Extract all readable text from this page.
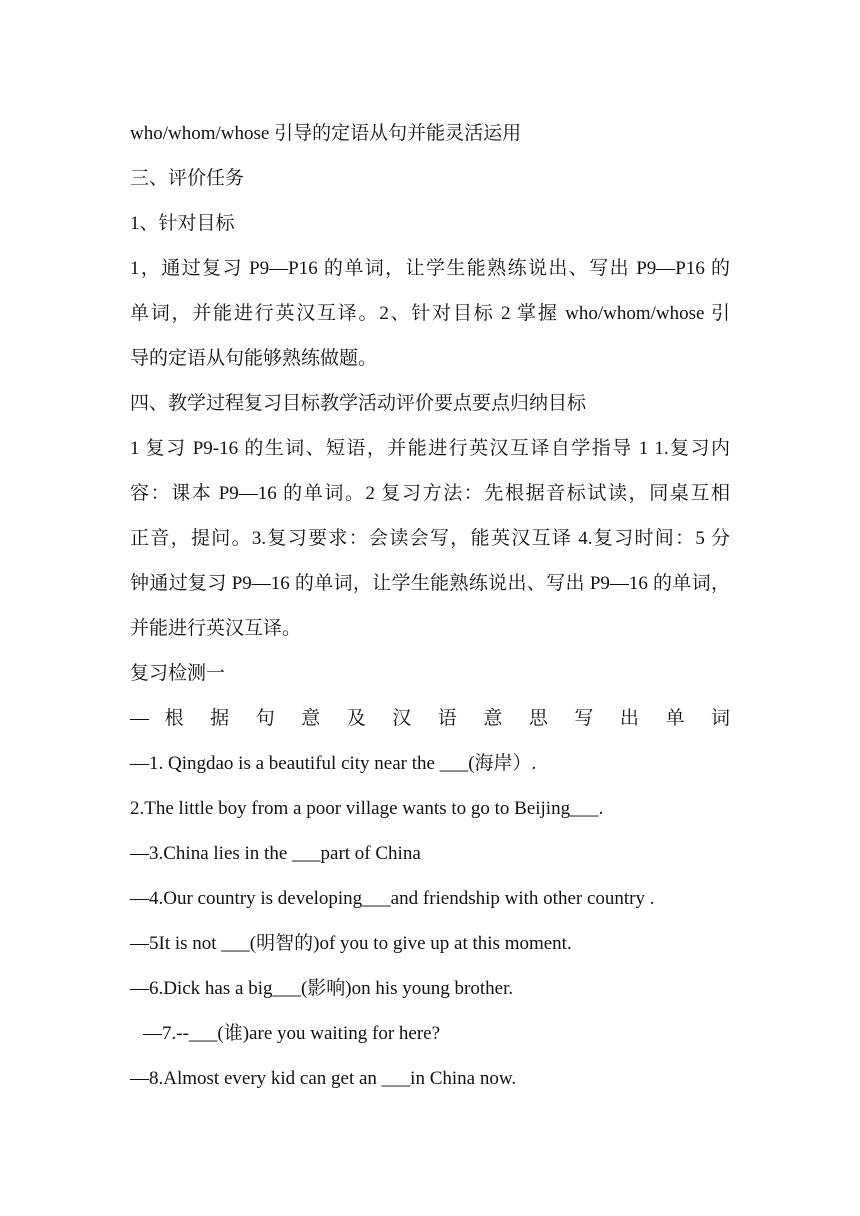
who/whom/whose 引导的定语从句并能灵活运用
三、评价任务
1、针对目标
1，通过复习 P9—P16 的单词，让学生能熟练说出、写出 P9—P16 的
单词，并能进行英汉互译。2、针对目标 2 掌握 who/whom/whose 引
导的定语从句能够熟练做题。
四、教学过程复习目标教学活动评价要点要点归纳目标
1 复习 P9-16 的生词、短语，并能进行英汉互译自学指导 1 1.复习内
容：课本 P9—16 的单词。2 复习方法：先根据音标试读，同桌互相
正音，提问。3.复习要求：会读会写，能英汉互译 4.复习时间：5 分
钟通过复习 P9—16 的单词，让学生能熟练说出、写出 P9—16 的单词，
并能进行英汉互译。
复习检测一
— 根 据 句 意 及 汉 语 意 思 写 出 单 词
—1. Qingdao is a beautiful city near the ___(海岸）.
2.The little boy from a poor village wants to go to Beijing___.
—3.China lies in the ___part of China
—4.Our country is developing___and friendship with other country .
—5It is not ___(明智的)of you to give up at this moment.
—6.Dick has a big___(影响)on his young brother.
—7.--___(谁)are you waiting for here?
—8.Almost every kid can get an ___in China now.
